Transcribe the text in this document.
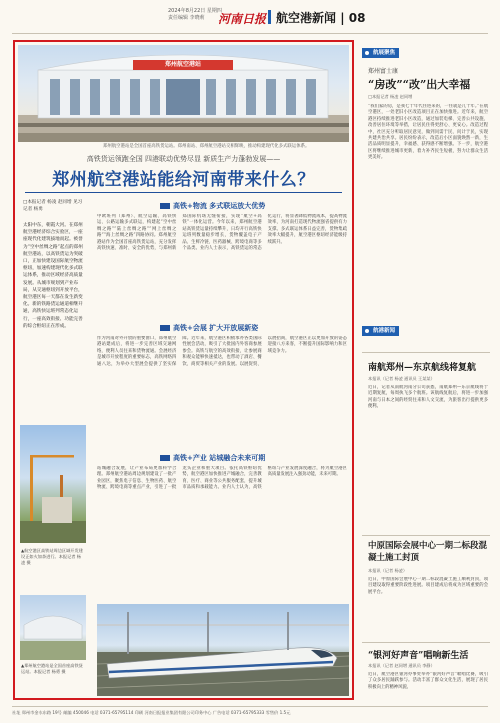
2024年8月22日 星期四
责任编辑 李晓莉	河南日报 航空港新闻 | 08
郑州航空港站
郑州航空港站是全国首座高铁货运站。郑州南站、郑州航空港站交相辉映，推动构建现代化多式联运体系。
高铁货运领跑全国 四港联动优势尽显 新质生产力蓬勃发展——
郑州航空港站能给河南带来什么？
□本报记者 杨凌 赵同增 见习记者 杨勇
太阳中东，朝霞大河。在郑州航空港经济综合实验区，一座座现代化建筑拔地而起。被誉为“空中丝绸之路”起点的郑州航空港站，以高铁货运为突破口，正加快建设国际航空物流枢纽，加速构建现代化多式联运体系，推动区域经济高质量发展。从城市规划到产业布局，从交通枢纽到开放平台，航空港区每一天都在发生新变化。新的铁路货运通道相继开通，高铁快运班列常态化运行，一座高效衔接、功能完善的综合枢纽正在形成。
高铁+物流 多式联运放大优势
中欧班列（郑州）、航空运输、高铁快运、公路运输多式联运，构建起“空中丝绸之路”“陆上丝绸之路”“网上丝绸之路”“海上丝绸之路”四路协同。郑州航空港站作为全国首座高铁货运站，充分发挥高铁快速、准时、安全的优势，与郑州新郑国际机场无缝衔接，实现“航空+高铁”一体化运营。今年以来，郑州航空港站高铁货运量持续攀升，日均开行高铁快运班列数量稳步增长，货物覆盖电子产品、生鲜冷链、医药器械、跨境电商等多个品类。业内人士表示，高铁货运的常态化运行，将显著降低物流成本，提高物流效率，为河南打造现代物流强省提供有力支撑。多式联运体系日益完善，货物集疏效率大幅提升，航空港区枢纽经济能级持续跃升。
高铁+会展 扩大开放展新姿
作为河南对外开放的重要窗口，郑州航空港站建成后，将进一步完善区域交通网络，便利人员往来和货物流通。会展经济是城市开放程度的重要标志，高铁网络四通八达，为举办大型展会提供了坚实保障。近年来，航空港区积极承办各类国际性展会活动，吸引了大批国内外客商参展参会。高铁与航空的高效衔接，让参展商和观众能够快速抵达，也带动了酒店、餐饮、商贸等相关产业的发展。以展促贸、以展招商，航空港区正以更加开放的姿态迎接八方来客，不断提升国际影响力和区域竞争力。
高铁+产业 站城融合未来可期
站城融合发展，让产业布局更加科学合理。郑州航空港站周边规划建设了一批产业园区，聚焦电子信息、生物医药、航空物流、跨境电商等重点产业，引进了一批龙头企业和重大项目。依托高铁枢纽优势，航空港区加快推进产城融合，完善教育、医疗、商业等公共服务配套，提升城市品质和承载能力。业内人士认为，高铁枢纽与产业发展深度融合，将为航空港区高质量发展注入强劲动能，未来可期。
▲航空港区高铁站周边区域开发建设正如火如荼进行。本报记者 杨凌 摄
▲郑州航空港站是全国首座高铁货运站。本报记者 杨勇 摄
航展聚焦
郑州富士康
“房改”“改”出大幸福
□本报记者 杨凌 赵同增
“我们家的房，是我七十年代住进来的，一住就是几十年。”在航空港区，一处老旧小区改造项目正在加快推进。近年来，航空港区持续推进老旧小区改造，通过加装电梯、完善公共设施、改善居住环境等举措，让居民住得更舒心、更安心。改造过程中，社区充分听取居民意见，做到问需于民、问计于民，实现共建共治共享。居民纷纷表示，改造后小区面貌焕然一新，生活品质明显提升，幸福感、获得感不断增强。下一步，航空港区将继续推进城市更新，着力补齐民生短板，努力让群众生活更美好。
航港新闻
南航郑州—东京航线将复航
本报讯（记者 杨凌 通讯员 王某某）
近日，记者从南航河南分公司获悉，南航郑州—东京航线将于近期复航，每周执飞多个航班。该航线复航后，将进一步加强河南与日本之间的经贸往来和人文交流，为旅客出行提供更多便利。
中原国际会展中心一期二标段混凝土施工封顶
本报讯（记者 杨凌）
近日，中原国际会展中心一期二标段混凝土施工顺利封顶，项目建设取得重要阶段性进展。项目建成后将成为区域重要的会展平台。
“银河好声音”唱响新生活
本报讯（记者 赵同增 通讯员 李静）
近日，航空港区银河办事处举办“银河好声音”歌唱比赛，吸引了众多居民踊跃参与。活动丰富了群众文化生活，展现了居民积极向上的精神风貌。
社址 郑州市金水东路 19号 邮编 450046 电话 0371-65795114 印刷 河南日报报业集团有限公司印务中心 广告电话 0371-65795333 零售价 1.5元
